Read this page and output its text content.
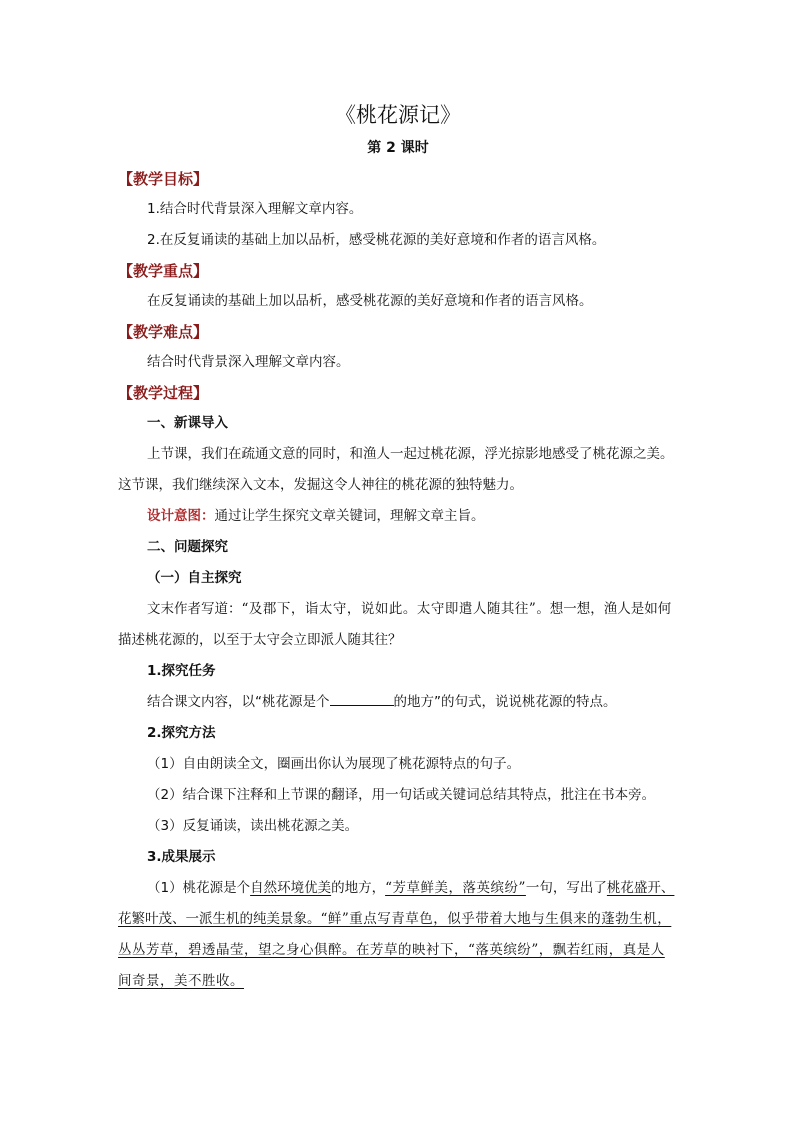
《桃花源记》
第 2 课时
【教学目标】

1.结合时代背景深入理解文章内容。

2.在反复诵读的基础上加以品析，感受桃花源的美好意境和作者的语言风格。

【教学重点】

在反复诵读的基础上加以品析，感受桃花源的美好意境和作者的语言风格。

【教学难点】

结合时代背景深入理解文章内容。

【教学过程】

一、新课导入

上节课，我们在疏通文意的同时，和渔人一起过桃花源，浮光掠影地感受了桃花源之美。这节课，我们继续深入文本，发掘这令人神往的桃花源的独特魅力。

设计意图：通过让学生探究文章关键词，理解文章主旨。

二、问题探究

（一）自主探究

文末作者写道：“及郡下，诣太守，说如此。太守即遣人随其往”。想一想，渔人是如何描述桃花源的，以至于太守会立即派人随其往？

1.探究任务

结合课文内容，以“桃花源是个	的地方”的句式，说说桃花源的特点。

2.探究方法

（1）自由朗读全文，圈画出你认为展现了桃花源特点的句子。

（2）结合课下注释和上节课的翻译，用一句话或关键词总结其特点，批注在书本旁。

（3）反复诵读，读出桃花源之美。

3.成果展示

（1）桃花源是个自然环境优美的地方，“芳草鲜美，落英缤纷”一句，写出了桃花盛开、花繁叶茂、一派生机的纯美景象。“鲜”重点写青草色，似乎带着大地与生俱来的蓬勃生机，丛丛芳草，碧透晶莹，望之身心俱醉。在芳草的映衬下，“落英缤纷”，飘若红雨，真是人间奇景，美不胜收。
